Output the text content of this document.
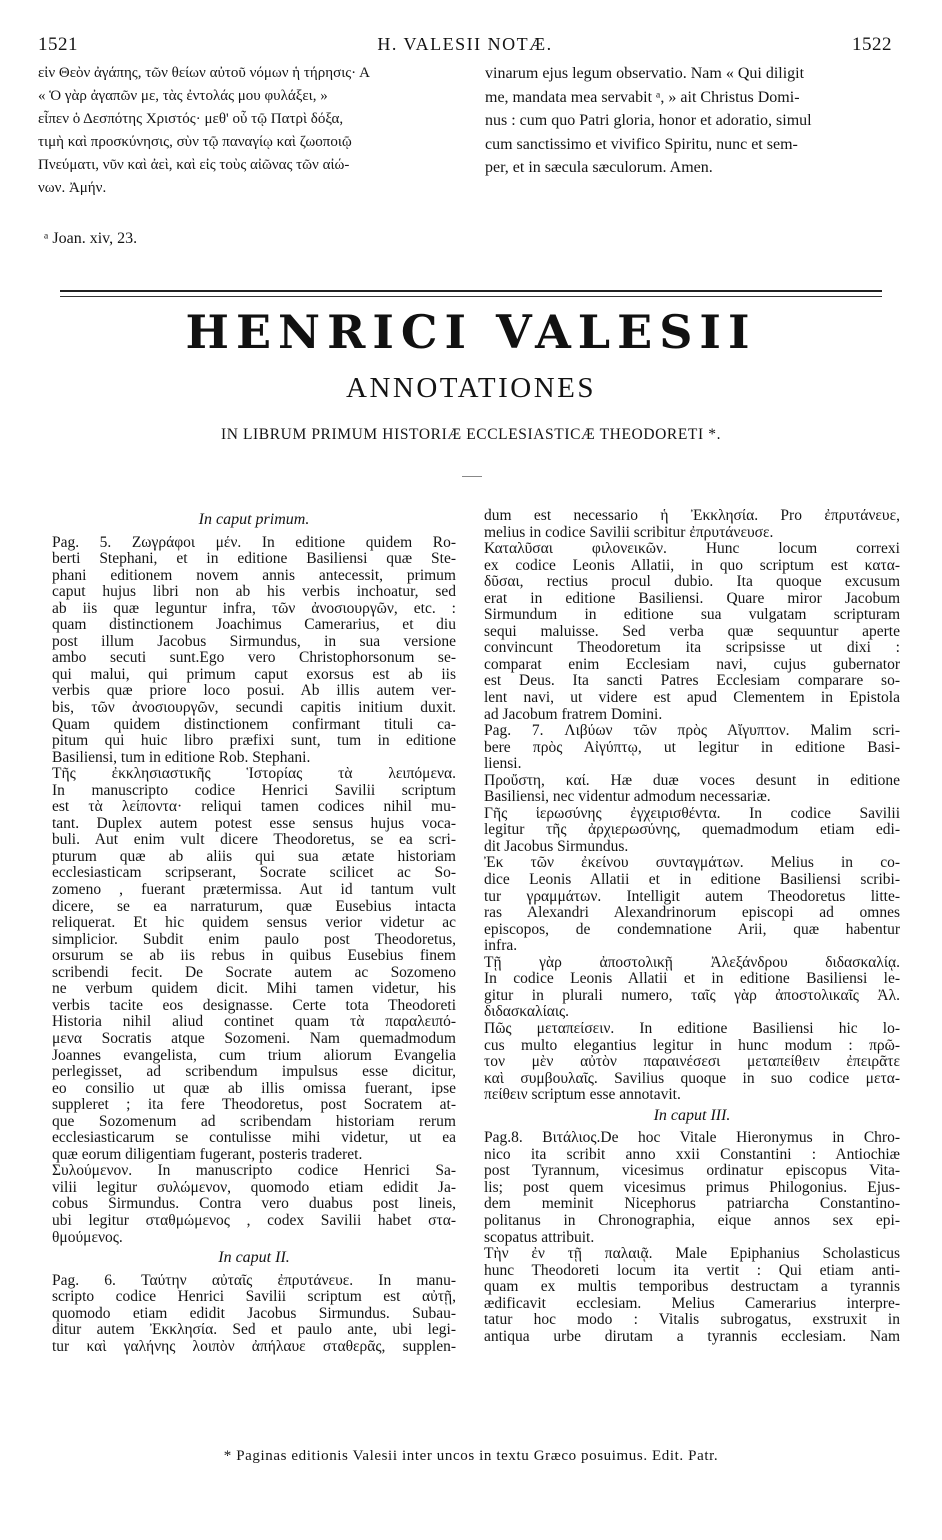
1521	H. VALESII NOTÆ.	1522
εἰν Θεὸν ἀγάπης, τῶν θείων αὐτοῦ νόμων ἡ τήρησις· Α
« Ὁ γὰρ ἀγαπῶν με, τὰς ἐντολάς μου φυλάξει, »
εἶπεν ὁ Δεσπότης Χριστός· μεθ' οὗ τῷ Πατρὶ δόξα,
τιμὴ καὶ προσκύνησις, σὺν τῷ παναγίῳ καὶ ζωοποιῷ
Πνεύματι, νῦν καὶ ἀεὶ, καὶ εἰς τοὺς αἰῶνας τῶν αἰώ-
νων. Ἀμήν.
vinarum ejus legum observatio. Nam « Qui diligit
me, mandata mea servabit ᵃ, » ait Christus Domi-
nus : cum quo Patri gloria, honor et adoratio, simul
cum sanctissimo et vivifico Spiritu, nunc et sem-
per, et in sæcula sæculorum. Amen.
ᵃ Joan. xiv, 23.
HENRICI VALESII
ANNOTATIONES
IN LIBRUM PRIMUM HISTORIÆ ECCLESIASTICÆ THEODORETI *.
In caput primum.
Pag. 5. Ζωγράφοι μέν. In editione quidem Ro-
berti Stephani, et in editione Basiliensi quæ Ste-
phani editionem novem annis antecessit, primum
caput hujus libri non ab his verbis inchoatur, sed
ab iis quæ leguntur infra, τῶν ἀνοσιουργῶν, etc. :
quam distinctionem Joachimus Camerarius, et diu
post illum Jacobus Sirmundus, in sua versione
ambo secuti sunt.Ego vero Christophorsonum se-
qui malui, qui primum caput exorsus est ab iis
verbis quæ priore loco posui. Ab illis autem ver-
bis, τῶν ἀνοσιουργῶν, secundi capitis initium duxit.
Quam quidem distinctionem confirmant tituli ca-
pitum qui huic libro præfixi sunt, tum in editione
Basiliensi, tum in editione Rob. Stephani.
Τῆς ἐκκλησιαστικῆς Ἱστορίας τὰ λειπόμενα.
In manuscripto codice Henrici Savilii scriptum
est τὰ λείποντα· reliqui tamen codices nihil mu-
tant. Duplex autem potest esse sensus hujus voca-
buli. Aut enim vult dicere Theodoretus, se ea scri-
pturum quæ ab aliis qui sua ætate historiam
ecclesiasticam scripserant, Socrate scilicet ac So-
zomeno , fuerant prætermissa. Aut id tantum vult
dicere, se ea narraturum, quæ Eusebius intacta
reliquerat. Et hic quidem sensus verior videtur ac
simplicior. Subdit enim paulo post Theodoretus,
orsurum se ab iis rebus in quibus Eusebius finem
scribendi fecit. De Socrate autem ac Sozomeno
ne verbum quidem dicit. Mihi tamen videtur, his
verbis tacite eos designasse. Certe tota Theodoreti
Historia nihil aliud continet quam τὰ παραλειπό-
μενα Socratis atque Sozomeni. Nam quemadmodum
Joannes evangelista, cum trium aliorum Evangelia
perlegisset, ad scribendum impulsus esse dicitur,
eo consilio ut quæ ab illis omissa fuerant, ipse
suppleret ; ita fere Theodoretus, post Socratem at-
que Sozomenum ad scribendam historiam rerum
ecclesiasticarum se contulisse mihi videtur, ut ea
quæ eorum diligentiam fugerant, posteris traderet.
Συλούμενον. In manuscripto codice Henrici Sa-
vilii legitur συλώμενον, quomodo etiam edidit Ja-
cobus Sirmundus. Contra vero duabus post lineis,
ubi legitur σταθμώμενος , codex Savilii habet στα-
θμούμενος.
In caput II.
Pag. 6. Ταύτην αὐταῖς ἐπρυτάνευε. In manu-
scripto codice Henrici Savilii scriptum est αὐτῇ,
quomodo etiam edidit Jacobus Sirmundus. Subau-
ditur autem Ἐκκλησία. Sed et paulo ante, ubi legi-
tur καὶ γαλήνης λοιπὸν ἀπήλαυε σταθερᾶς, supplen-
dum est necessario ἡ Ἐκκλησία. Pro ἐπρυτάνευε,
melius in codice Savilii scribitur ἐπρυτάνευσε.
Καταλῦσαι φιλονεικῶν. Hunc locum correxi
ex codice Leonis Allatii, in quo scriptum est κατα-
δῦσαι, rectius procul dubio. Ita quoque excusum
erat in editione Basiliensi. Quare miror Jacobum
Sirmundum in editione sua vulgatam scripturam
sequi maluisse. Sed verba quæ sequuntur aperte
convincunt Theodoretum ita scripsisse ut dixi :
comparat enim Ecclesiam navi, cujus gubernator
est Deus. Ita sancti Patres Ecclesiam comparare so-
lent navi, ut videre est apud Clementem in Epistola
ad Jacobum fratrem Domini.
Pag. 7. Λιβύων τῶν πρὸς Αἴγυπτον. Malim scri-
bere πρὸς Αἰγύπτῳ, ut legitur in editione Basi-
liensi.
Προὔστη, καί. Hæ duæ voces desunt in editione
Basiliensi, nec videntur admodum necessariæ.
Γῆς ἱερωσύνης ἐγχειρισθέντα. In codice Savilii
legitur τῆς ἀρχιερωσύνης, quemadmodum etiam edi-
dit Jacobus Sirmundus.
Ἐκ τῶν ἐκείνου συνταγμάτων. Melius in co-
dice Leonis Allatii et in editione Basiliensi scribi-
tur γραμμάτων. Intelligit autem Theodoretus litte-
ras Alexandri Alexandrinorum episcopi ad omnes
episcopos, de condemnatione Arii, quæ habentur
infra.
Τῇ γὰρ ἀποστολικῇ Ἀλεξάνδρου διδασκαλίᾳ.
In codice Leonis Allatii et in editione Basiliensi le-
gitur in plurali numero, ταῖς γὰρ ἀποστολικαῖς Ἀλ.
διδασκαλίαις.
Πῶς μεταπείσειν. In editione Basiliensi hic lo-
cus multo elegantius legitur in hunc modum : πρῶ-
τον μὲν αὐτὸν παραινέσεσι μεταπείθειν ἐπειρᾶτε
καὶ συμβουλαῖς. Savilius quoque in suo codice μετα-
πείθειν scriptum esse annotavit.
In caput III.
Pag.8. Βιτάλιος.De hoc Vitale Hieronymus in Chro-
nico ita scribit anno xxii Constantini : Antiochiæ
post Tyrannum, vicesimus ordinatur episcopus Vita-
lis; post quem vicesimus primus Philogonius. Ejus-
dem meminit Nicephorus patriarcha Constantino-
politanus in Chronographia, eique annos sex epi-
scopatus attribuit.
Τὴν ἐν τῇ παλαιᾷ. Male Epiphanius Scholasticus
hunc Theodoreti locum ita vertit : Qui etiam anti-
quam ex multis temporibus destructam a tyrannis
ædificavit ecclesiam. Melius Camerarius interpre-
tatur hoc modo : Vitalis subrogatus, exstruxit in
antiqua urbe dirutam a tyrannis ecclesiam. Nam
* Paginas editionis Valesii inter uncos in textu Græco posuimus. Edit. Patr.
